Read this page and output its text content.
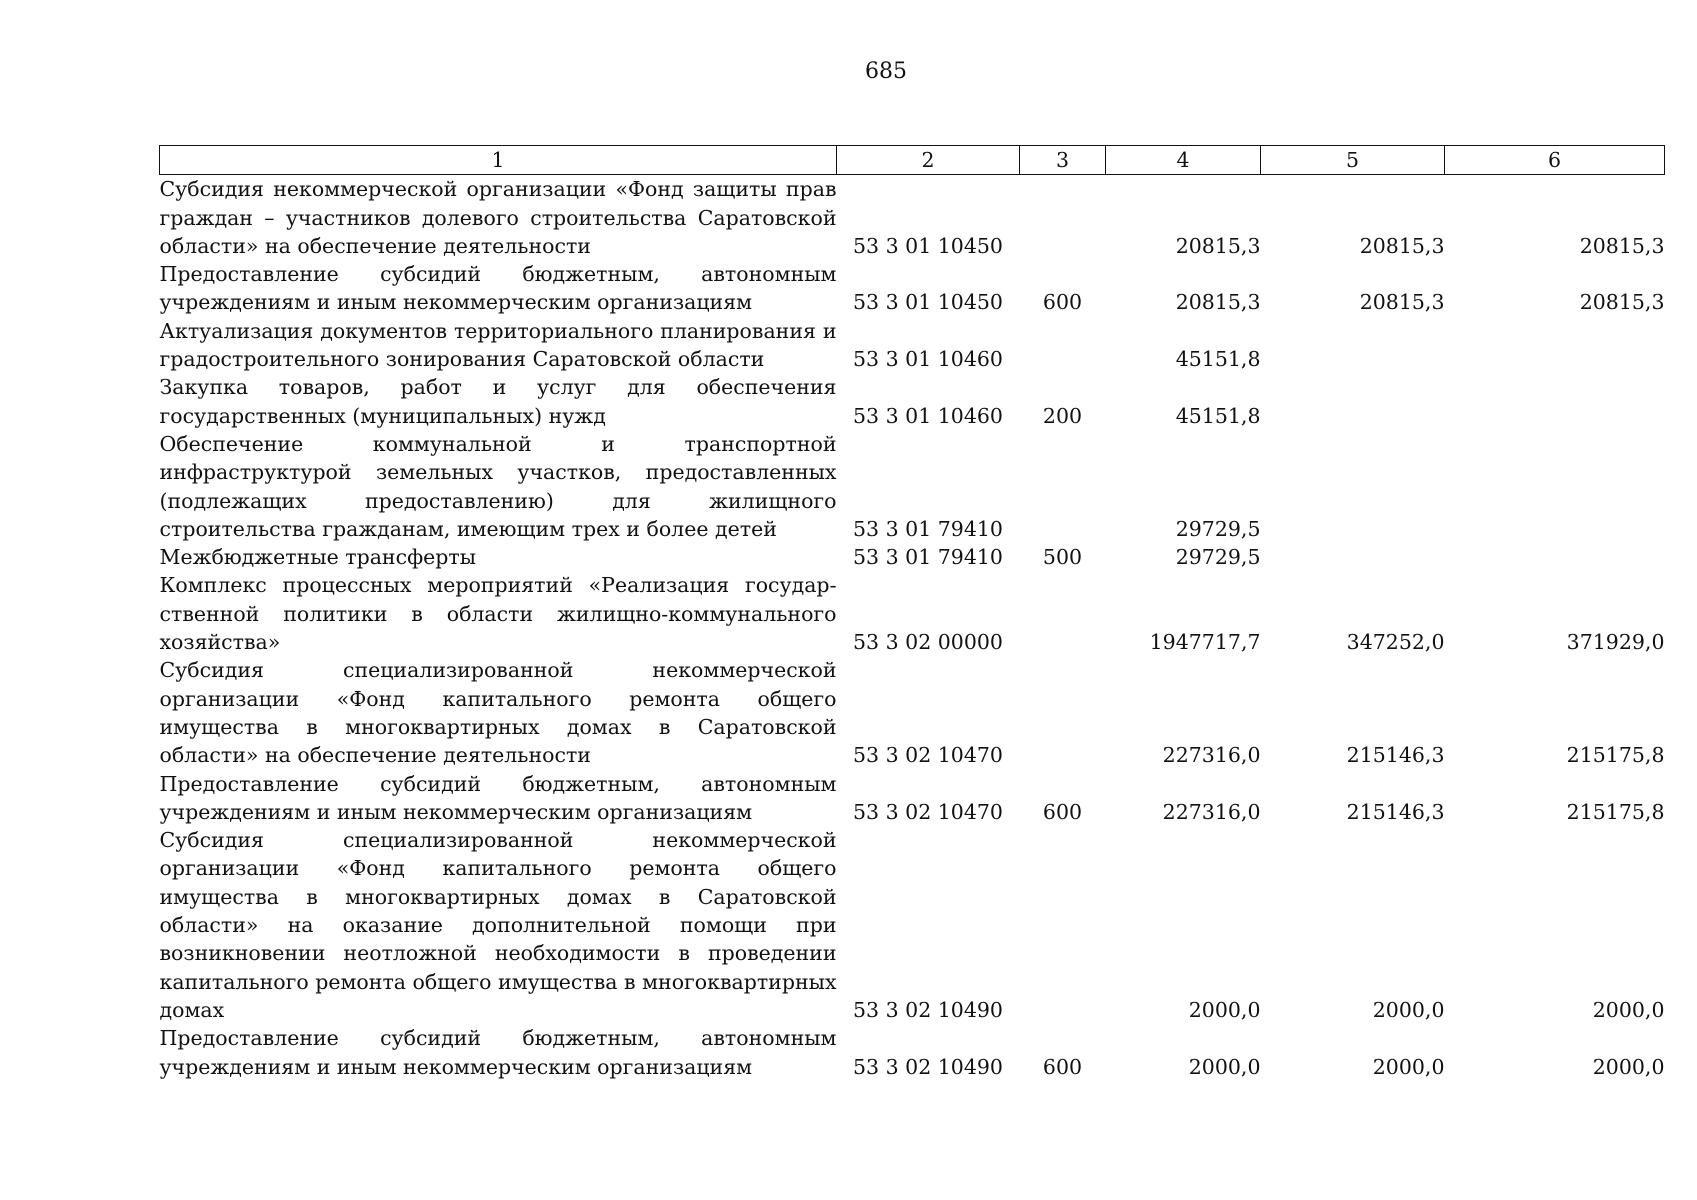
685
1	2	3	4	5	6

Субсидия некоммерческой организации «Фонд защиты прав граждан – участников долевого строительства Саратовской области» на обеспечение деятельности	53 3 01 10450		20815,3	20815,3	20815,3

Предоставление субсидий бюджетным, автономным учреждениям и иным некоммерческим организациям	53 3 01 10450	600	20815,3	20815,3	20815,3

Актуализация документов территориального планирования и градостроительного зонирования Саратовской области	53 3 01 10460		45151,8		

Закупка товаров, работ и услуг для обеспечения государственных (муниципальных) нужд	53 3 01 10460	200	45151,8		

Обеспечение коммунальной и транспортной инфраструктурой земельных участков, предоставленных (подлежащих предоставлению) для жилищного строительства гражданам, имеющим трех и более детей	53 3 01 79410		29729,5		

Межбюджетные трансферты	53 3 01 79410	500	29729,5		

Комплекс процессных мероприятий «Реализация государственной политики в области жилищно-коммунального хозяйства»	53 3 02 00000		1947717,7	347252,0	371929,0

Субсидия специализированной некоммерческой организации «Фонд капитального ремонта общего имущества в многоквартирных домах в Саратовской области» на обеспечение деятельности	53 3 02 10470		227316,0	215146,3	215175,8

Предоставление субсидий бюджетным, автономным учреждениям и иным некоммерческим организациям	53 3 02 10470	600	227316,0	215146,3	215175,8

Субсидия специализированной некоммерческой организации «Фонд капитального ремонта общего имущества в многоквартирных домах в Саратовской области» на оказание дополнительной помощи при возникновении неотложной необходимости в проведении капитального ремонта общего имущества в многоквартирных домах	53 3 02 10490		2000,0	2000,0	2000,0

Предоставление субсидий бюджетным, автономным учреждениям и иным некоммерческим организациям	53 3 02 10490	600	2000,0	2000,0	2000,0
